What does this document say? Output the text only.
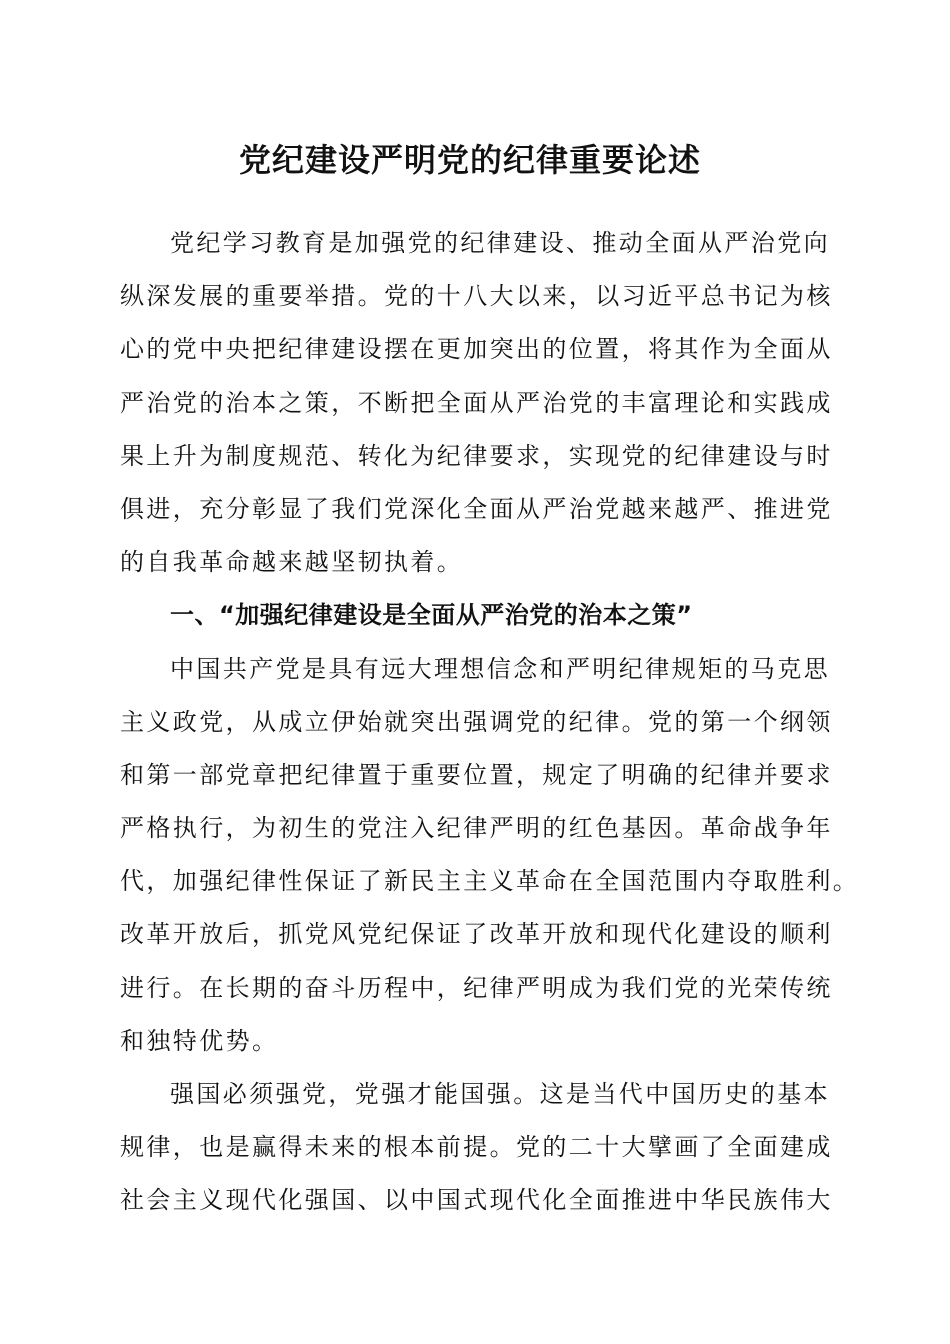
党纪建设严明党的纪律重要论述
党纪学习教育是加强党的纪律建设、推动全面从严治党向
纵深发展的重要举措。党的十八大以来，以习近平总书记为核
心的党中央把纪律建设摆在更加突出的位置，将其作为全面从
严治党的治本之策，不断把全面从严治党的丰富理论和实践成
果上升为制度规范、转化为纪律要求，实现党的纪律建设与时
俱进，充分彰显了我们党深化全面从严治党越来越严、推进党
的自我革命越来越坚韧执着。
一、“加强纪律建设是全面从严治党的治本之策”
中国共产党是具有远大理想信念和严明纪律规矩的马克思
主义政党，从成立伊始就突出强调党的纪律。党的第一个纲领
和第一部党章把纪律置于重要位置，规定了明确的纪律并要求
严格执行，为初生的党注入纪律严明的红色基因。革命战争年
代，加强纪律性保证了新民主主义革命在全国范围内夺取胜利。
改革开放后，抓党风党纪保证了改革开放和现代化建设的顺利
进行。在长期的奋斗历程中，纪律严明成为我们党的光荣传统
和独特优势。
强国必须强党，党强才能国强。这是当代中国历史的基本
规律，也是赢得未来的根本前提。党的二十大擘画了全面建成
社会主义现代化强国、以中国式现代化全面推进中华民族伟大
